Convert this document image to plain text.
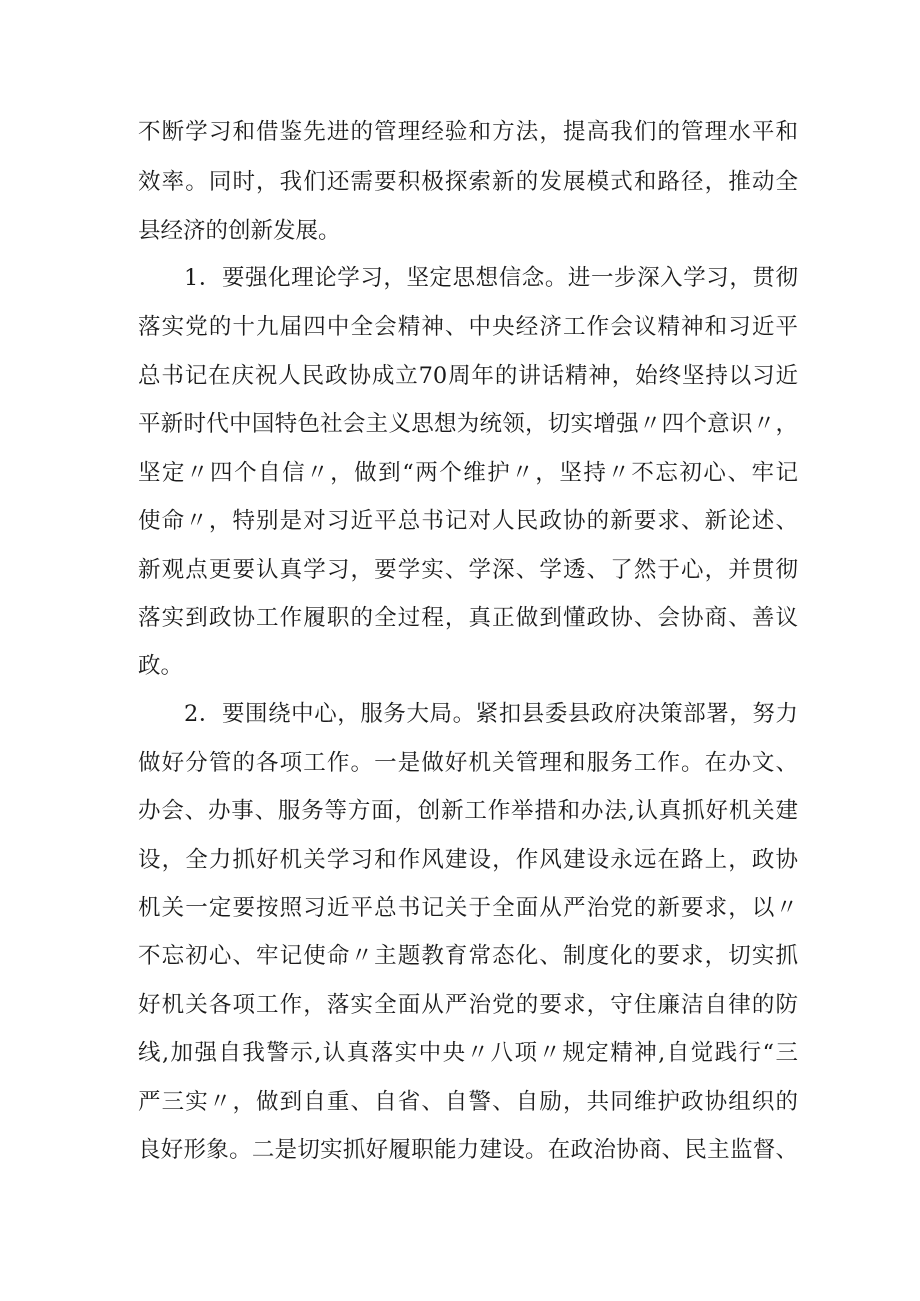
不断学习和借鉴先进的管理经验和方法，提高我们的管理水平和

效率。同时，我们还需要积极探索新的发展模式和路径，推动全

县经济的创新发展。

1．要强化理论学习，坚定思想信念。进一步深入学习，贯彻

落实党的十九届四中全会精神、中央经济工作会议精神和习近平

总书记在庆祝人民政协成立70周年的讲话精神，始终坚持以习近

平新时代中国特色社会主义思想为统领，切实增强〃四个意识〃，

坚定〃四个自信〃，做到“两个维护〃，坚持〃不忘初心、牢记

使命〃，特别是对习近平总书记对人民政协的新要求、新论述、

新观点更要认真学习，要学实、学深、学透、了然于心，并贯彻

落实到政协工作履职的全过程，真正做到懂政协、会协商、善议

政。

2．要围绕中心，服务大局。紧扣县委县政府决策部署，努力

做好分管的各项工作。一是做好机关管理和服务工作。在办文、

办会、办事、服务等方面，创新工作举措和办法,认真抓好机关建

设，全力抓好机关学习和作风建设，作风建设永远在路上，政协

机关一定要按照习近平总书记关于全面从严治党的新要求，以〃

不忘初心、牢记使命〃主题教育常态化、制度化的要求，切实抓

好机关各项工作，落实全面从严治党的要求，守住廉洁自律的防

线,加强自我警示,认真落实中央〃八项〃规定精神,自觉践行“三

严三实〃，做到自重、自省、自警、自励，共同维护政协组织的

良好形象。二是切实抓好履职能力建设。在政治协商、民主监督、
